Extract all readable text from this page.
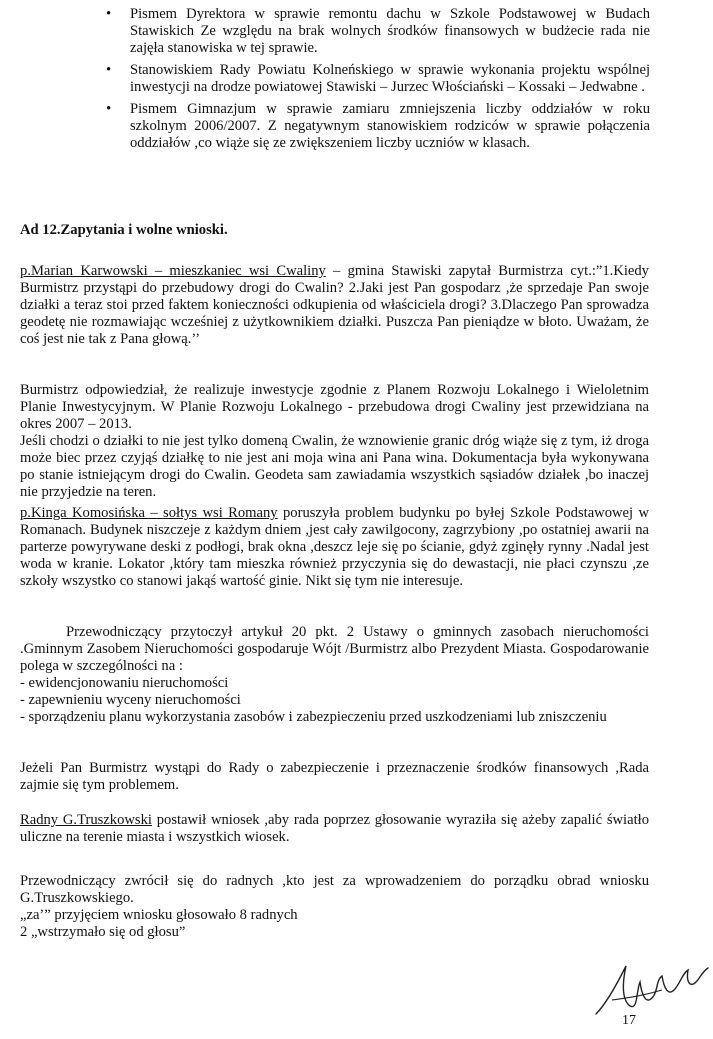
• Pismem Dyrektora w sprawie remontu dachu w Szkole Podstawowej w Budach Stawiskich Ze względu na brak wolnych środków finansowych w budżecie rada nie zajęła stanowiska w tej sprawie.
• Stanowiskiem Rady Powiatu Kolneńskiego w sprawie wykonania projektu wspólnej inwestycji na drodze powiatowej Stawiski – Jurzec Włościański – Kossaki – Jedwabne .
• Pismem Gimnazjum w sprawie zamiaru zmniejszenia liczby oddziałów w roku szkolnym 2006/2007. Z negatywnym stanowiskiem rodziców w sprawie połączenia oddziałów ,co wiąże się ze zwiększeniem liczby uczniów w klasach.

Ad 12.Zapytania i wolne wnioski.

p.Marian Karwowski – mieszkaniec wsi Cwaliny – gmina Stawiski zapytał Burmistrza cyt.:”1.Kiedy Burmistrz przystąpi do przebudowy drogi do Cwalin? 2.Jaki jest Pan gospodarz ,że sprzedaje Pan swoje działki a teraz stoi przed faktem konieczności odkupienia od właściciela drogi? 3.Dlaczego Pan sprowadza geodetę nie rozmawiając wcześniej z użytkownikiem działki. Puszcza Pan pieniądze w błoto. Uważam, że coś jest nie tak z Pana głową.’’

Burmistrz odpowiedział, że realizuje inwestycje zgodnie z Planem Rozwoju Lokalnego i Wieloletnim Planie Inwestycyjnym. W Planie Rozwoju Lokalnego - przebudowa drogi Cwaliny jest przewidziana na okres 2007 – 2013.

Jeśli chodzi o działki to nie jest tylko domeną Cwalin, że wznowienie granic dróg wiąże się z tym, iż droga może biec przez czyjąś działkę to nie jest ani moja wina ani Pana wina. Dokumentacja była wykonywana po stanie istniejącym drogi do Cwalin. Geodeta sam zawiadamia wszystkich sąsiadów działek ,bo inaczej nie przyjedzie na teren.

p.Kinga Komosińska – sołtys wsi Romany poruszyła problem budynku po byłej Szkole Podstawowej w Romanach. Budynek niszczeje z każdym dniem ,jest cały zawilgocony, zagrzybiony ,po ostatniej awarii na parterze powyrywane deski z podłogi, brak okna ,deszcz leje się po ścianie, gdyż zginęły rynny .Nadal jest woda w kranie. Lokator ,który tam mieszka również przyczynia się do dewastacji, nie płaci czynszu ,ze szkoły wszystko co stanowi jakąś wartość ginie. Nikt się tym nie interesuje.

Przewodniczący przytoczył artykuł 20 pkt. 2 Ustawy o gminnych zasobach nieruchomości .Gminnym Zasobem Nieruchomości gospodaruje Wójt /Burmistrz albo Prezydent Miasta. Gospodarowanie polega w szczególności na :

- ewidencjonowaniu nieruchomości
- zapewnieniu wyceny nieruchomości
- sporządzeniu planu wykorzystania zasobów i zabezpieczeniu przed uszkodzeniami lub zniszczeniu

Jeżeli Pan Burmistrz wystąpi do Rady o zabezpieczenie i przeznaczenie środków finansowych ,Rada zajmie się tym problemem.

Radny G.Truszkowski postawił wniosek ,aby rada poprzez głosowanie wyraziła się ażeby zapalić światło uliczne na terenie miasta i wszystkich wiosek.

Przewodniczący zwrócił się do radnych ,kto jest za wprowadzeniem do porządku obrad wniosku G.Truszkowskiego.

„za’” przyjęciem wniosku głosowało 8 radnych
2 „wstrzymało się od głosu”
17
